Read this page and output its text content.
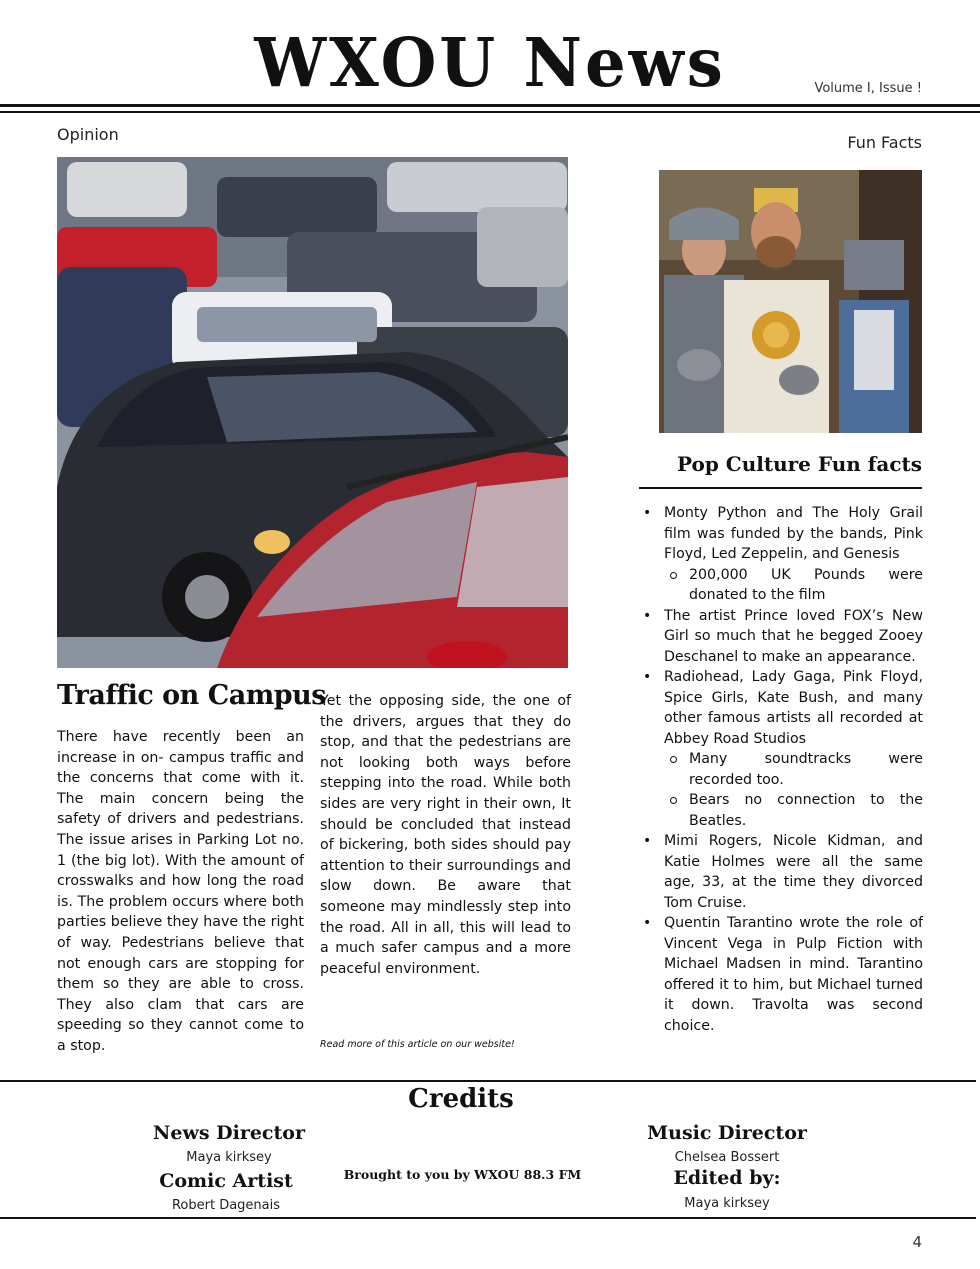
WXOU News	Volume I, Issue !
Opinion	Fun Facts
Traffic on Campus
There have recently been an increase in on- campus traffic and the concerns that come with it. The main concern being the safety of drivers and pedestrians. The issue arises in Parking Lot no. 1 (the big lot). With the amount of crosswalks and how long the road is. The problem occurs where both parties believe they have the right of way. Pedestrians believe that not enough cars are stopping for them so they are able to cross. They also clam that cars are speeding so they cannot come to a stop.
Yet the opposing side, the one of the drivers, argues that they do stop, and that the pedestrians are not looking both ways before stepping into the road. While both sides are very right in their own, It should be concluded that instead of bickering, both sides should pay attention to their surroundings and slow down. Be aware that someone may mindlessly step into the road. All in all, this will lead to a much safer campus and a more peaceful environment.
Read more of this article on our website!
Pop Culture Fun facts
• Monty Python and The Holy Grail film was funded by the bands, Pink Floyd, Led Zeppelin, and Genesis
200,000 UK Pounds were donated to the film
• The artist Prince loved FOX’s New Girl so much that he begged Zooey Deschanel to make an appearance.
• Radiohead, Lady Gaga, Pink Floyd, Spice Girls, Kate Bush, and many other famous artists all recorded at Abbey Road Studios
Many soundtracks were recorded too.
Bears no connection to the Beatles.
• Mimi Rogers, Nicole Kidman, and Katie Holmes were all the same age, 33, at the time they divorced Tom Cruise.
• Quentin Tarantino wrote the role of Vincent Vega in Pulp Fiction with Michael Madsen in mind. Tarantino offered it to him, but Michael turned it down. Travolta was second choice.
Credits
News Director
Maya kirksey
Comic Artist
Robert Dagenais
Brought to you by WXOU 88.3 FM
Music Director
Chelsea Bossert
Edited by:
Maya kirksey
4
